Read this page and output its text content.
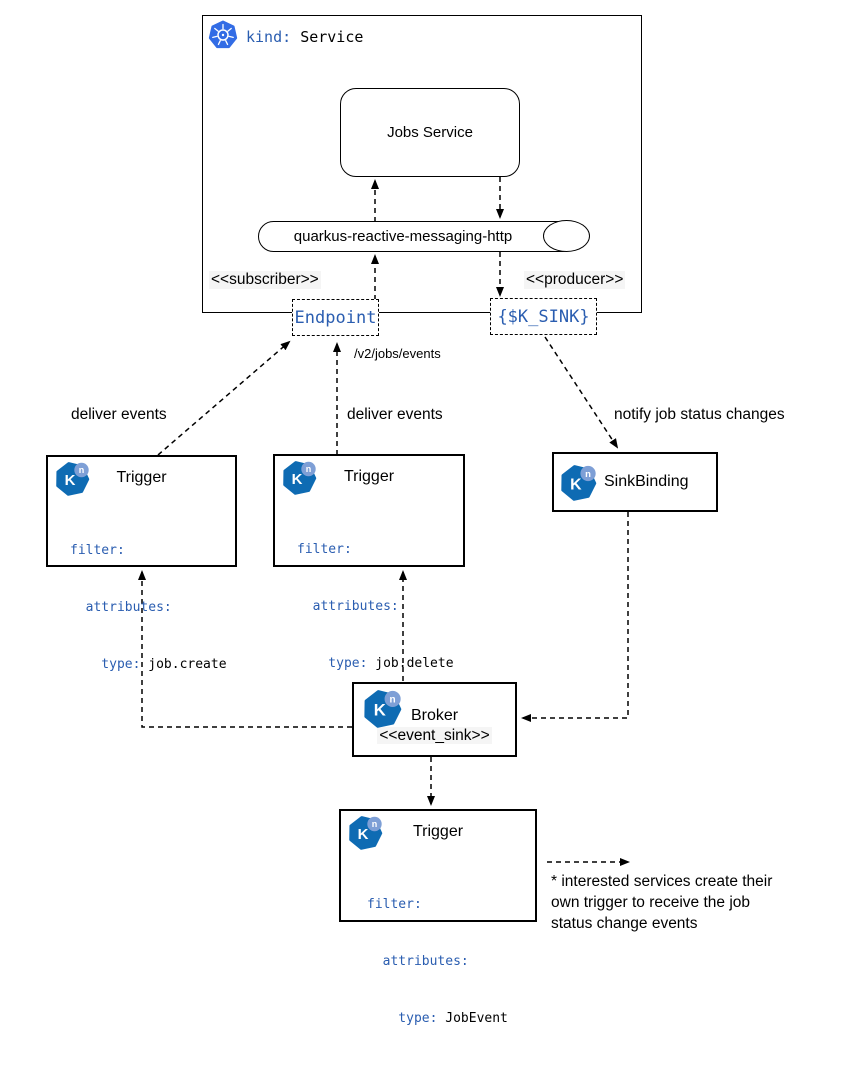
kind: Service
Jobs Service
quarkus-reactive-messaging-http
<<subscriber>>	<<producer>>
Endpoint	{$K_SINK}
/v2/jobs/events
deliver events	deliver events	notify job status changes
K
n	Trigger

filter:

attributes:

type: job.create

K
n	Trigger

filter:

attributes:

type: job.delete

K
n SinkBinding
K
n
Broker
<<event_sink>>
K
n	Trigger

filter:

attributes:

type: JobEvent

* interested services create their
own trigger to receive the job
status change events
